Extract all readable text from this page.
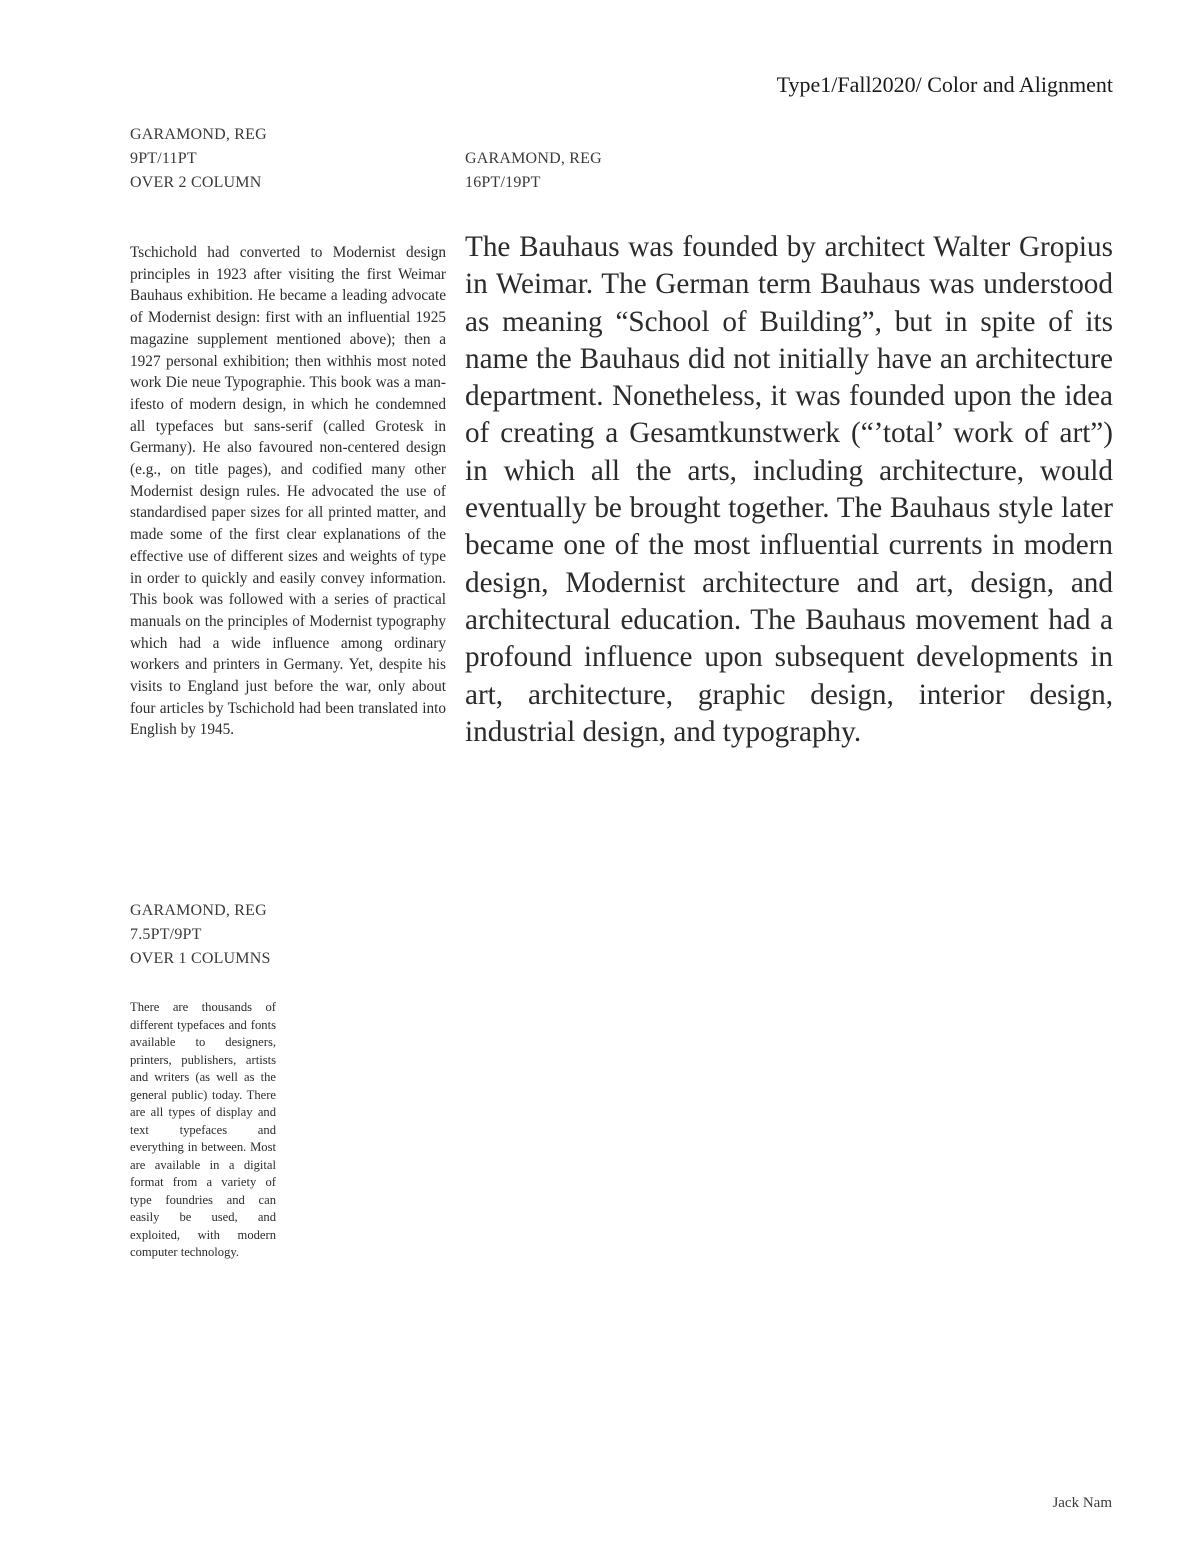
Type1/Fall2020/ Color and Alignment
GARAMOND, REG
9PT/11PT
OVER 2 COLUMN
GARAMOND, REG
16PT/19PT
Tschichold had converted to Modernist design principles in 1923 after visiting the first Weimar Bauhaus exhibition. He became a leading advocate of Modernist design: first with an influential 1925 magazine supplement mentioned above); then a 1927 personal exhibition; then withhis most noted work Die neue Typographie. This book was a manifesto of modern design, in which he condemned all typefaces but sans-serif (called Grotesk in Germany). He also favoured non-centered design (e.g., on title pages), and codified many other Modernist design rules. He advocated the use of standardised paper sizes for all printed matter, and made some of the first clear explanations of the effective use of different sizes and weights of type in order to quickly and easily convey information. This book was followed with a series of practical manuals on the principles of Modernist typography which had a wide influence among ordinary workers and printers in Germany. Yet, despite his visits to England just before the war, only about four articles by Tschichold had been translated into English by 1945.
The Bauhaus was founded by architect Walter Gropius in Weimar. The German term Bauhaus was understood as meaning “School of Building”, but in spite of its name the Bauhaus did not initially have an architecture department. Nonetheless, it was founded upon the idea of creating a Gesamtkunstwerk (“’total’ work of art”) in which all the arts, including architecture, would eventually be brought together. The Bauhaus style later became one of the most influential currents in modern design, Modernist architecture and art, design, and architectural education. The Bauhaus movement had a profound influence upon subsequent developments in art, architecture, graphic design, interior design, industrial design, and typography.
GARAMOND, REG
7.5PT/9PT
OVER 1 COLUMNS
There are thousands of different typefaces and fonts available to designers, printers, publishers, artists and writers (as well as the general public) today. There are all types of display and text typefaces and everything in between. Most are available in a digital format from a variety of type foundries and can easily be used, and exploited, with modern computer technology.
Jack Nam
